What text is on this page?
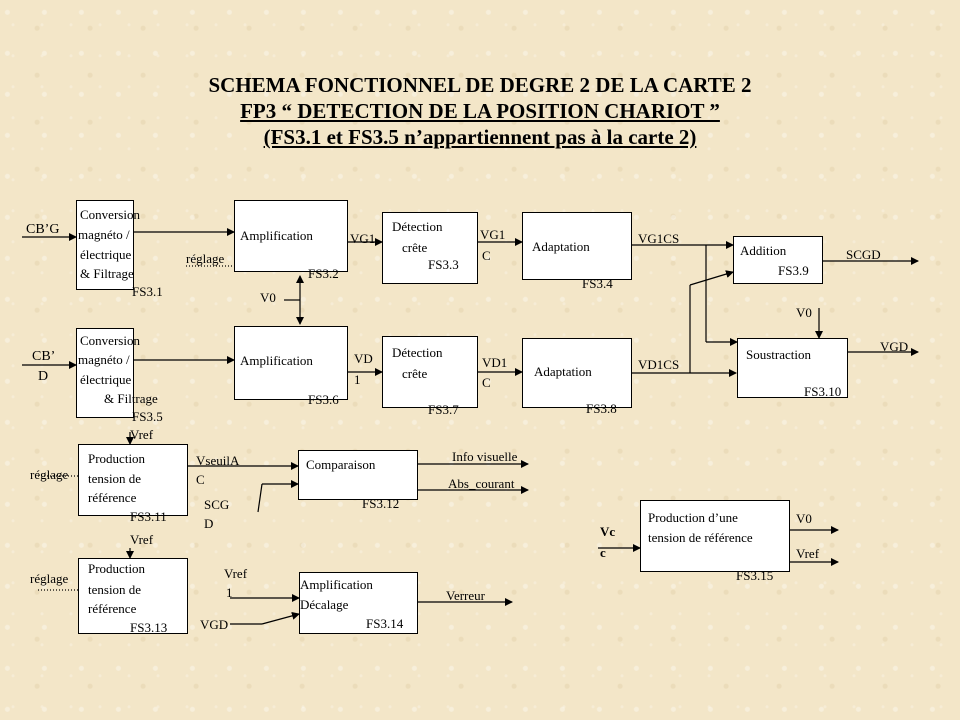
SCHEMA FONCTIONNEL DE DEGRE 2 DE LA CARTE 2
FP3 “ DETECTION DE LA POSITION CHARIOT ”
(FS3.1 et FS3.5 n’appartiennent pas à la carte 2)
Conversion
magnéto /
électrique
& Filtrage
FS3.1
Amplification
FS3.2
Détection
crête
FS3.3
Adaptation
FS3.4
Conversion
magnéto /
électrique
& Filtrage
FS3.5
Amplification
FS3.6
Détection
crête
FS3.7
Adaptation
FS3.8
Addition
FS3.9
Soustraction
FS3.10
Production
tension de
référence
FS3.11
Comparaison
FS3.12
Production
tension de
référence
FS3.13
Amplification
Décalage
FS3.14
Production d’une
tension de référence
FS3.15
CB’G
CB’
D
réglage
V0
VG1	VG1
C
VG1CS
SCGD
V0
VGD
VD
1
VD1
C
VD1CS
Vref
réglage
VseuilA
C
SCG
D
Info visuelle
Abs_courant
Vref
réglage	Vref
1
VGD
Verreur
Vc
c
V0
Vref
